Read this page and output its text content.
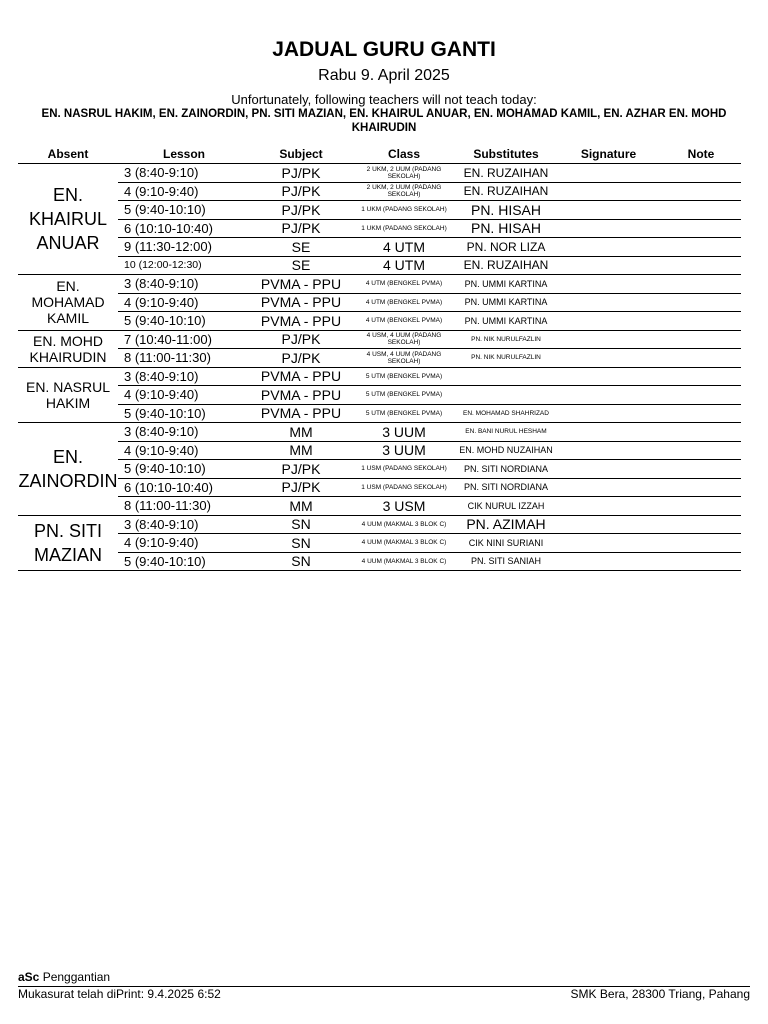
JADUAL GURU GANTI
Rabu 9. April 2025
Unfortunately, following teachers will not teach today:
EN. NASRUL HAKIM, EN. ZAINORDIN, PN. SITI MAZIAN, EN. KHAIRUL ANUAR, EN. MOHAMAD KAMIL, EN. AZHAR EN. MOHD KHAIRUDIN
Absent	Lesson	Subject	Class	Substitutes	Signature	Note
EN. KHAIRUL ANUAR	3 (8:40-9:10)	PJ/PK	2 UKM, 2 UUM (PADANG SEKOLAH)	EN. RUZAIHAN		
	4 (9:10-9:40)	PJ/PK	2 UKM, 2 UUM (PADANG SEKOLAH)	EN. RUZAIHAN		
	5 (9:40-10:10)	PJ/PK	1 UKM (PADANG SEKOLAH)	PN. HISAH		
	6 (10:10-10:40)	PJ/PK	1 UKM (PADANG SEKOLAH)	PN. HISAH		
	9 (11:30-12:00)	SE	4 UTM	PN. NOR LIZA		
	10 (12:00-12:30)	SE	4 UTM	EN. RUZAIHAN		
EN. MOHAMAD KAMIL	3 (8:40-9:10)	PVMA - PPU	4 UTM (BENGKEL PVMA)	PN. UMMI KARTINA		
	4 (9:10-9:40)	PVMA - PPU	4 UTM (BENGKEL PVMA)	PN. UMMI KARTINA		
	5 (9:40-10:10)	PVMA - PPU	4 UTM (BENGKEL PVMA)	PN. UMMI KARTINA		
EN. MOHD KHAIRUDIN	7 (10:40-11:00)	PJ/PK	4 USM, 4 UUM (PADANG SEKOLAH)	PN. NIK NURULFAZLIN		
	8 (11:00-11:30)	PJ/PK	4 USM, 4 UUM (PADANG SEKOLAH)	PN. NIK NURULFAZLIN		
EN. NASRUL HAKIM	3 (8:40-9:10)	PVMA - PPU	5 UTM (BENGKEL PVMA)			
	4 (9:10-9:40)	PVMA - PPU	5 UTM (BENGKEL PVMA)			
	5 (9:40-10:10)	PVMA - PPU	5 UTM (BENGKEL PVMA)	EN. MOHAMAD SHAHRIZAD		
EN. ZAINORDIN	3 (8:40-9:10)	MM	3 UUM	EN. BANI NURUL HESHAM		
	4 (9:10-9:40)	MM	3 UUM	EN. MOHD NUZAIHAN		
	5 (9:40-10:10)	PJ/PK	1 USM (PADANG SEKOLAH)	PN. SITI NORDIANA		
	6 (10:10-10:40)	PJ/PK	1 USM (PADANG SEKOLAH)	PN. SITI NORDIANA		
	8 (11:00-11:30)	MM	3 USM	CIK NURUL IZZAH		
PN. SITI MAZIAN	3 (8:40-9:10)	SN	4 UUM (MAKMAL 3 BLOK C)	PN. AZIMAH		
	4 (9:10-9:40)	SN	4 UUM (MAKMAL 3 BLOK C)	CIK NINI SURIANI		
	5 (9:40-10:10)	SN	4 UUM (MAKMAL 3 BLOK C)	PN. SITI SANIAH		
aSc Penggantian
Mukasurat telah diPrint: 9.4.2025 6:52	SMK Bera, 28300 Triang, Pahang
